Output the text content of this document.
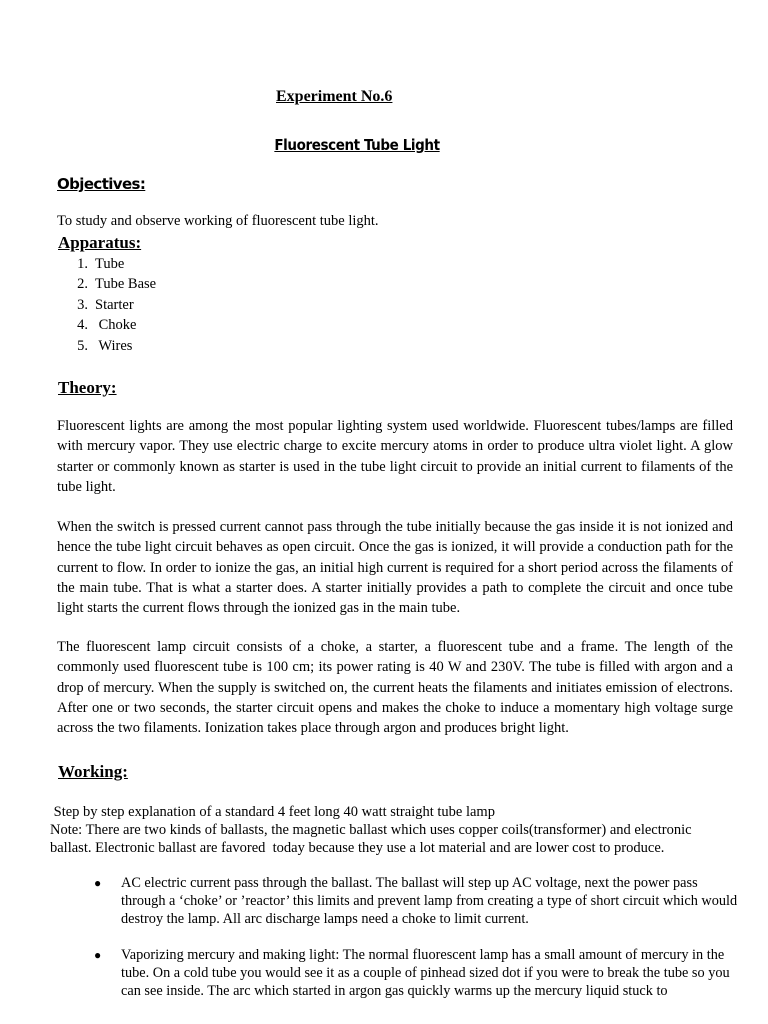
Experiment No.6
Fluorescent Tube Light
Objectives:
To study and observe working of fluorescent tube light.
Apparatus:
1. Tube
2. Tube Base
3. Starter
4. Choke
5. Wires
Theory:
Fluorescent lights are among the most popular lighting system used worldwide. Fluorescent tubes/lamps are filled with mercury vapor. They use electric charge to excite mercury atoms in order to produce ultra violet light. A glow starter or commonly known as starter is used in the tube light circuit to provide an initial current to filaments of the tube light.
When the switch is pressed current cannot pass through the tube initially because the gas inside it is not ionized and hence the tube light circuit behaves as open circuit. Once the gas is ionized, it will provide a conduction path for the current to flow. In order to ionize the gas, an initial high current is required for a short period across the filaments of the main tube. That is what a starter does. A starter initially provides a path to complete the circuit and once tube light starts the current flows through the ionized gas in the main tube.
The fluorescent lamp circuit consists of a choke, a starter, a fluorescent tube and a frame. The length of the commonly used fluorescent tube is 100 cm; its power rating is 40 W and 230V. The tube is filled with argon and a drop of mercury. When the supply is switched on, the current heats the filaments and initiates emission of electrons. After one or two seconds, the starter circuit opens and makes the choke to induce a momentary high voltage surge across the two filaments. Ionization takes place through argon and produces bright light.
Working:
Step by step explanation of a standard 4 feet long 40 watt straight tube lamp
Note: There are two kinds of ballasts, the magnetic ballast which uses copper coils(transformer) and electronic
ballast. Electronic ballast are favored  today because they use a lot material and are lower cost to produce.
●	AC electric current pass through the ballast. The ballast will step up AC voltage, next the power pass through a ‘choke’ or ’reactor’ this limits and prevent lamp from creating a type of short circuit which would destroy the lamp. All arc discharge lamps need a choke to limit current.
●	Vaporizing mercury and making light: The normal fluorescent lamp has a small amount of mercury in the tube. On a cold tube you would see it as a couple of pinhead sized dot if you were to break the tube so you can see inside. The arc which started in argon gas quickly warms up the mercury liquid stuck to
